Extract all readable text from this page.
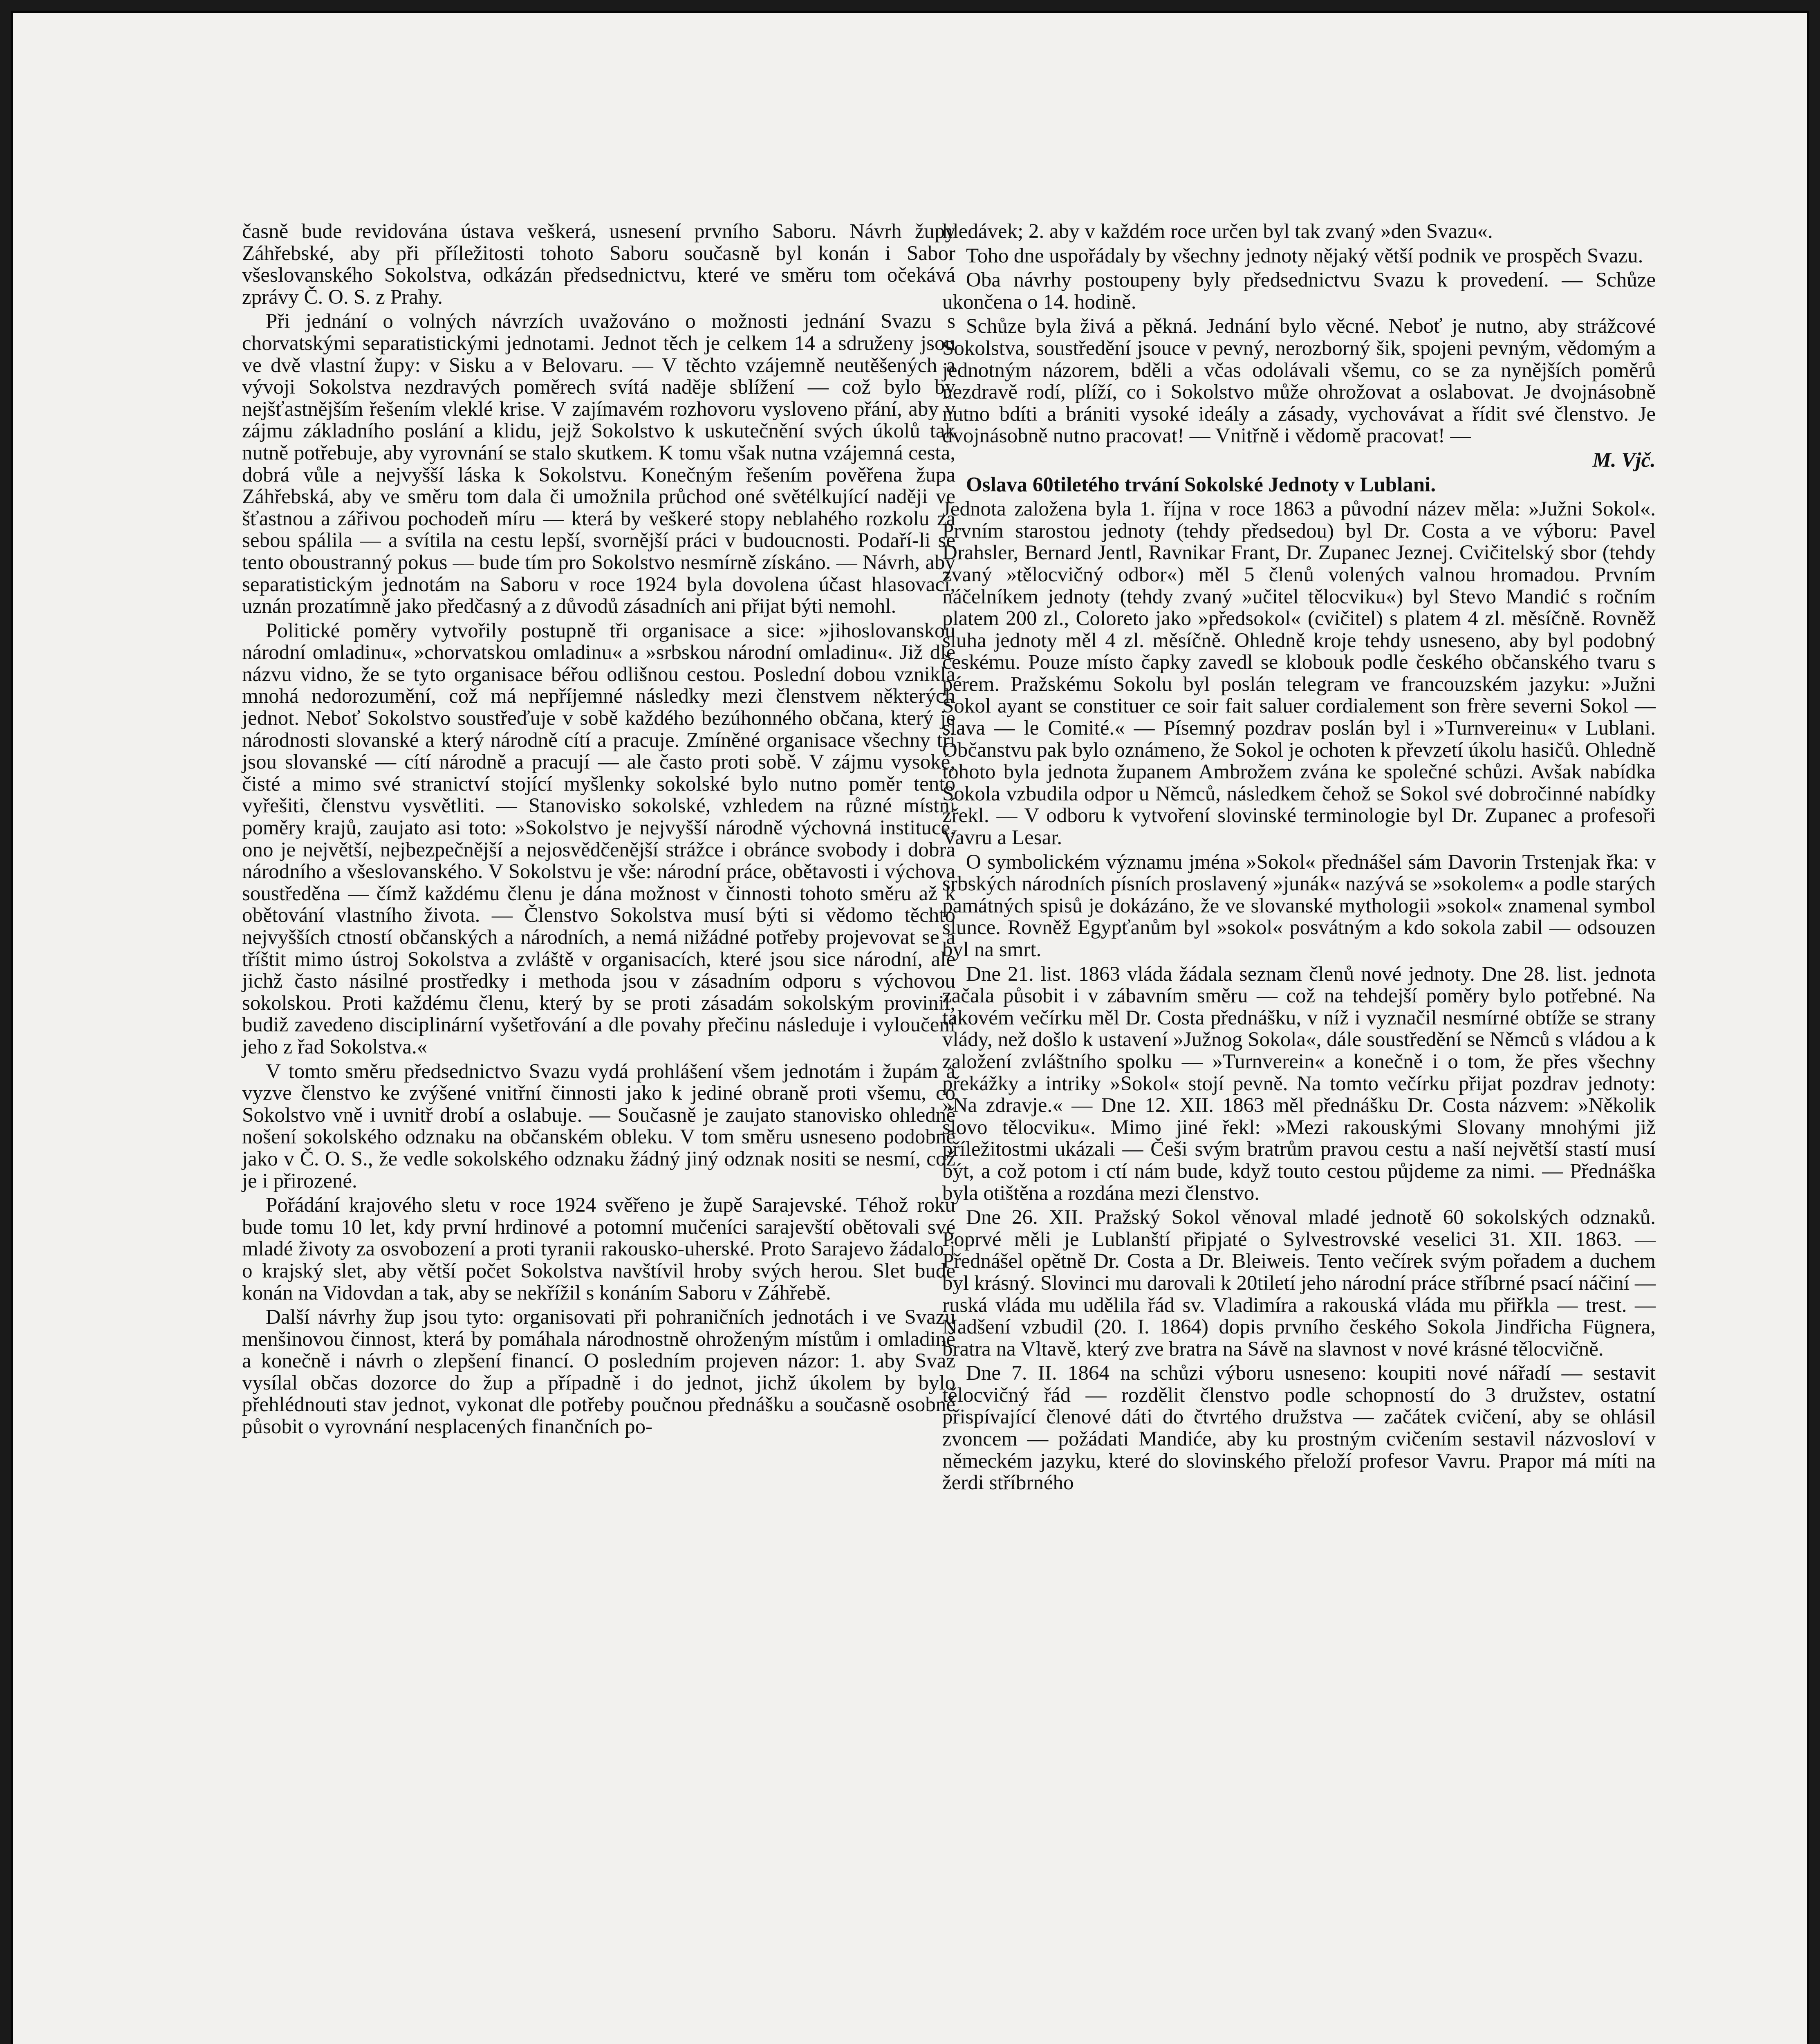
časně bude revidována ústava veškerá, usnesení prvního Saboru. Návrh župy Záhřebské, aby při příležitosti tohoto Saboru současně byl konán i Sabor všeslovanského Sokolstva, odkázán předsednictvu, které ve směru tom očekává zprávy Č. O. S. z Prahy.

Při jednání o volných návrzích uvažováno o možnosti jednání Svazu s chorvatskými separatistickými jednotami. Jednot těch je celkem 14 a sdruženy jsou ve dvě vlastní župy: v Sisku a v Belovaru. — V těchto vzájemně neutěšených a vývoji Sokolstva nezdravých poměrech svítá naděje sblížení — což bylo by nejšťastnějším řešením vleklé krise. V zajímavém rozhovoru vysloveno přání, aby v zájmu základního poslání a klidu, jejž Sokolstvo k uskutečnění svých úkolů tak nutně potřebuje, aby vyrovnání se stalo skutkem. K tomu však nutna vzájemná cesta, dobrá vůle a nejvyšší láska k Sokolstvu. Konečným řešením pověřena župa Záhřebská, aby ve směru tom dala či umožnila průchod oné světélkující naději ve šťastnou a zářivou pochodeň míru — která by veškeré stopy neblahého rozkolu za sebou spálila — a svítila na cestu lepší, svornější práci v budoucnosti. Podaří-li se tento oboustranný pokus — bude tím pro Sokolstvo nesmírně získáno. — Návrh, aby separatistickým jednotám na Saboru v roce 1924 byla dovolena účast hlasovací, uznán prozatímně jako předčasný a z důvodů zásadních ani přijat býti nemohl.

Politické poměry vytvořily postupně tři organisace a sice: »jihoslovanskou národní omladinu«, »chorvatskou omladinu« a »srbskou národní omladinu«. Již dle názvu vidno, že se tyto organisace béřou odlišnou cestou. Poslední dobou vznikla mnohá nedorozumění, což má nepříjemné následky mezi členstvem některých jednot. Neboť Sokolstvo soustřeďuje v sobě každého bezúhonného občana, který je národnosti slovanské a který národně cítí a pracuje. Zmíněné organisace všechny tři jsou slovanské — cítí národně a pracují — ale často proti sobě. V zájmu vysoké, čisté a mimo své stranictví stojící myšlenky sokolské bylo nutno poměr tento vyřešiti, členstvu vysvětliti. — Stanovisko sokolské, vzhledem na různé místní poměry krajů, zaujato asi toto: »Sokolstvo je nejvyšší národně výchovná instituce, ono je největší, nejbezpečnější a nejosvědčenější strážce i obránce svobody i dobra národního a všeslovanského. V Sokolstvu je vše: národní práce, obětavosti i výchova soustředěna — čímž každému členu je dána možnost v činnosti tohoto směru až k obětování vlastního života. — Členstvo Sokolstva musí býti si vědomo těchto nejvyšších ctností občanských a národních, a nemá nižádné potřeby projevovat se a tříštit mimo ústroj Sokolstva a zvláště v organisacích, které jsou sice národní, ale jichž často násilné prostředky i methoda jsou v zásadním odporu s výchovou sokolskou. Proti každému členu, který by se proti zásadám sokolským provinil, budiž zavedeno disciplinární vyšetřování a dle povahy přečinu následuje i vyloučení jeho z řad Sokolstva.«

V tomto směru předsednictvo Svazu vydá prohlášení všem jednotám i župám a vyzve členstvo ke zvýšené vnitřní činnosti jako k jediné obraně proti všemu, co Sokolstvo vně i uvnitř drobí a oslabuje. — Současně je zaujato stanovisko ohledně nošení sokolského odznaku na občanském obleku. V tom směru usneseno podobně jako v Č. O. S., že vedle sokolského odznaku žádný jiný odznak nositi se nesmí, což je i přirozené.

Pořádání krajového sletu v roce 1924 svěřeno je župě Sarajevské. Téhož roku bude tomu 10 let, kdy první hrdinové a potomní mučeníci sarajevští obětovali své mladé životy za osvobození a proti tyranii rakousko-uherské. Proto Sarajevo žádalo i o krajský slet, aby větší počet Sokolstva navštívil hroby svých herou. Slet bude konán na Vidovdan a tak, aby se nekřížil s konáním Saboru v Záhřebě.

Další návrhy žup jsou tyto: organisovati při pohraničních jednotách i ve Svazu menšinovou činnost, která by pomáhala národnostně ohroženým místům i omladině a konečně i návrh o zlepšení financí. O posledním projeven názor: 1. aby Svaz vysílal občas dozorce do žup a případně i do jednot, jichž úkolem by bylo přehlédnouti stav jednot, vykonat dle potřeby poučnou přednášku a současně osobně působit o vyrovnání nesplacených finančních po-

hledávek; 2. aby v každém roce určen byl tak zvaný »den Svazu«.

Toho dne uspořádaly by všechny jednoty nějaký větší podnik ve prospěch Svazu.

Oba návrhy postoupeny byly předsednictvu Svazu k provedení. — Schůze ukončena o 14. hodině.

Schůze byla živá a pěkná. Jednání bylo věcné. Neboť je nutno, aby strážcové Sokolstva, soustředění jsouce v pevný, nerozborný šik, spojeni pevným, vědomým a jednotným názorem, bděli a včas odolávali všemu, co se za nynějších poměrů nezdravě rodí, plíží, co i Sokolstvo může ohrožovat a oslabovat. Je dvojnásobně nutno bdíti a brániti vysoké ideály a zásady, vychovávat a řídit své členstvo. Je dvojnásobně nutno pracovat! — Vnitřně i vědomě pracovat! —

M. Vjč.

Oslava 60tiletého trvání Sokolské Jednoty v Lublani.

Jednota založena byla 1. října v roce 1863 a původní název měla: »Južni Sokol«. Prvním starostou jednoty (tehdy předsedou) byl Dr. Costa a ve výboru: Pavel Drahsler, Bernard Jentl, Ravnikar Frant, Dr. Zupanec Jeznej. Cvičitelský sbor (tehdy zvaný »tělocvičný odbor«) měl 5 členů volených valnou hromadou. Prvním náčelníkem jednoty (tehdy zvaný »učitel tělocviku«) byl Stevo Mandić s ročním platem 200 zl., Coloreto jako »předsokol« (cvičitel) s platem 4 zl. měsíčně. Rovněž sluha jednoty měl 4 zl. měsíčně. Ohledně kroje tehdy usneseno, aby byl podobný českému. Pouze místo čapky zavedl se klobouk podle českého občanského tvaru s pérem. Pražskému Sokolu byl poslán telegram ve francouzském jazyku: »Južni Sokol ayant se constituer ce soir fait saluer cordialement son frère severni Sokol — slava — le Comité.« — Písemný pozdrav poslán byl i »Turnvereinu« v Lublani. Občanstvu pak bylo oznámeno, že Sokol je ochoten k převzetí úkolu hasičů. Ohledně tohoto byla jednota županem Ambrožem zvána ke společné schůzi. Avšak nabídka Sokola vzbudila odpor u Němců, následkem čehož se Sokol své dobročinné nabídky zřekl. — V odboru k vytvoření slovinské terminologie byl Dr. Zupanec a profesoři Vavru a Lesar.

O symbolickém významu jména »Sokol« přednášel sám Davorin Trstenjak řka: v srbských národních písních proslavený »junák« nazývá se »sokolem« a podle starých památných spisů je dokázáno, že ve slovanské mythologii »sokol« znamenal symbol slunce. Rovněž Egypťanům byl »sokol« posvátným a kdo sokola zabil — odsouzen byl na smrt.

Dne 21. list. 1863 vláda žádala seznam členů nové jednoty. Dne 28. list. jednota začala působit i v zábavním směru — což na tehdejší poměry bylo potřebné. Na takovém večírku měl Dr. Costa přednášku, v níž i vyznačil nesmírné obtíže se strany vlády, než došlo k ustavení »Južnog Sokola«, dále soustředění se Němců s vládou a k založení zvláštního spolku — »Turnverein« a konečně i o tom, že přes všechny překážky a intriky »Sokol« stojí pevně. Na tomto večírku přijat pozdrav jednoty: »Na zdravje.« — Dne 12. XII. 1863 měl přednášku Dr. Costa názvem: »Několik slovo tělocviku«. Mimo jiné řekl: »Mezi rakouskými Slovany mnohými již příležitostmi ukázali — Češi svým bratrům pravou cestu a naší největší stastí musí být, a což potom i ctí nám bude, když touto cestou půjdeme za nimi. — Přednáška byla otištěna a rozdána mezi členstvo.

Dne 26. XII. Pražský Sokol věnoval mladé jednotě 60 sokolských odznaků. Poprvé měli je Lublanští připjaté o Sylvestrovské veselici 31. XII. 1863. — Přednášel opětně Dr. Costa a Dr. Bleiweis. Tento večírek svým pořadem a duchem byl krásný. Slovinci mu darovali k 20tiletí jeho národní práce stříbrné psací náčiní — ruská vláda mu udělila řád sv. Vladimíra a rakouská vláda mu přiřkla — trest. — Nadšení vzbudil (20. I. 1864) dopis prvního českého Sokola Jindřicha Fügnera, bratra na Vltavě, který zve bratra na Sávě na slavnost v nové krásné tělocvičně.

Dne 7. II. 1864 na schůzi výboru usneseno: koupiti nové nářadí — sestavit tělocvičný řád — rozdělit členstvo podle schopností do 3 družstev, ostatní přispívající členové dáti do čtvrtého družstva — začátek cvičení, aby se ohlásil zvoncem — požádati Mandiće, aby ku prostným cvičením sestavil názvosloví v německém jazyku, které do slovinského přeloží profesor Vavru. Prapor má míti na žerdi stříbrného
